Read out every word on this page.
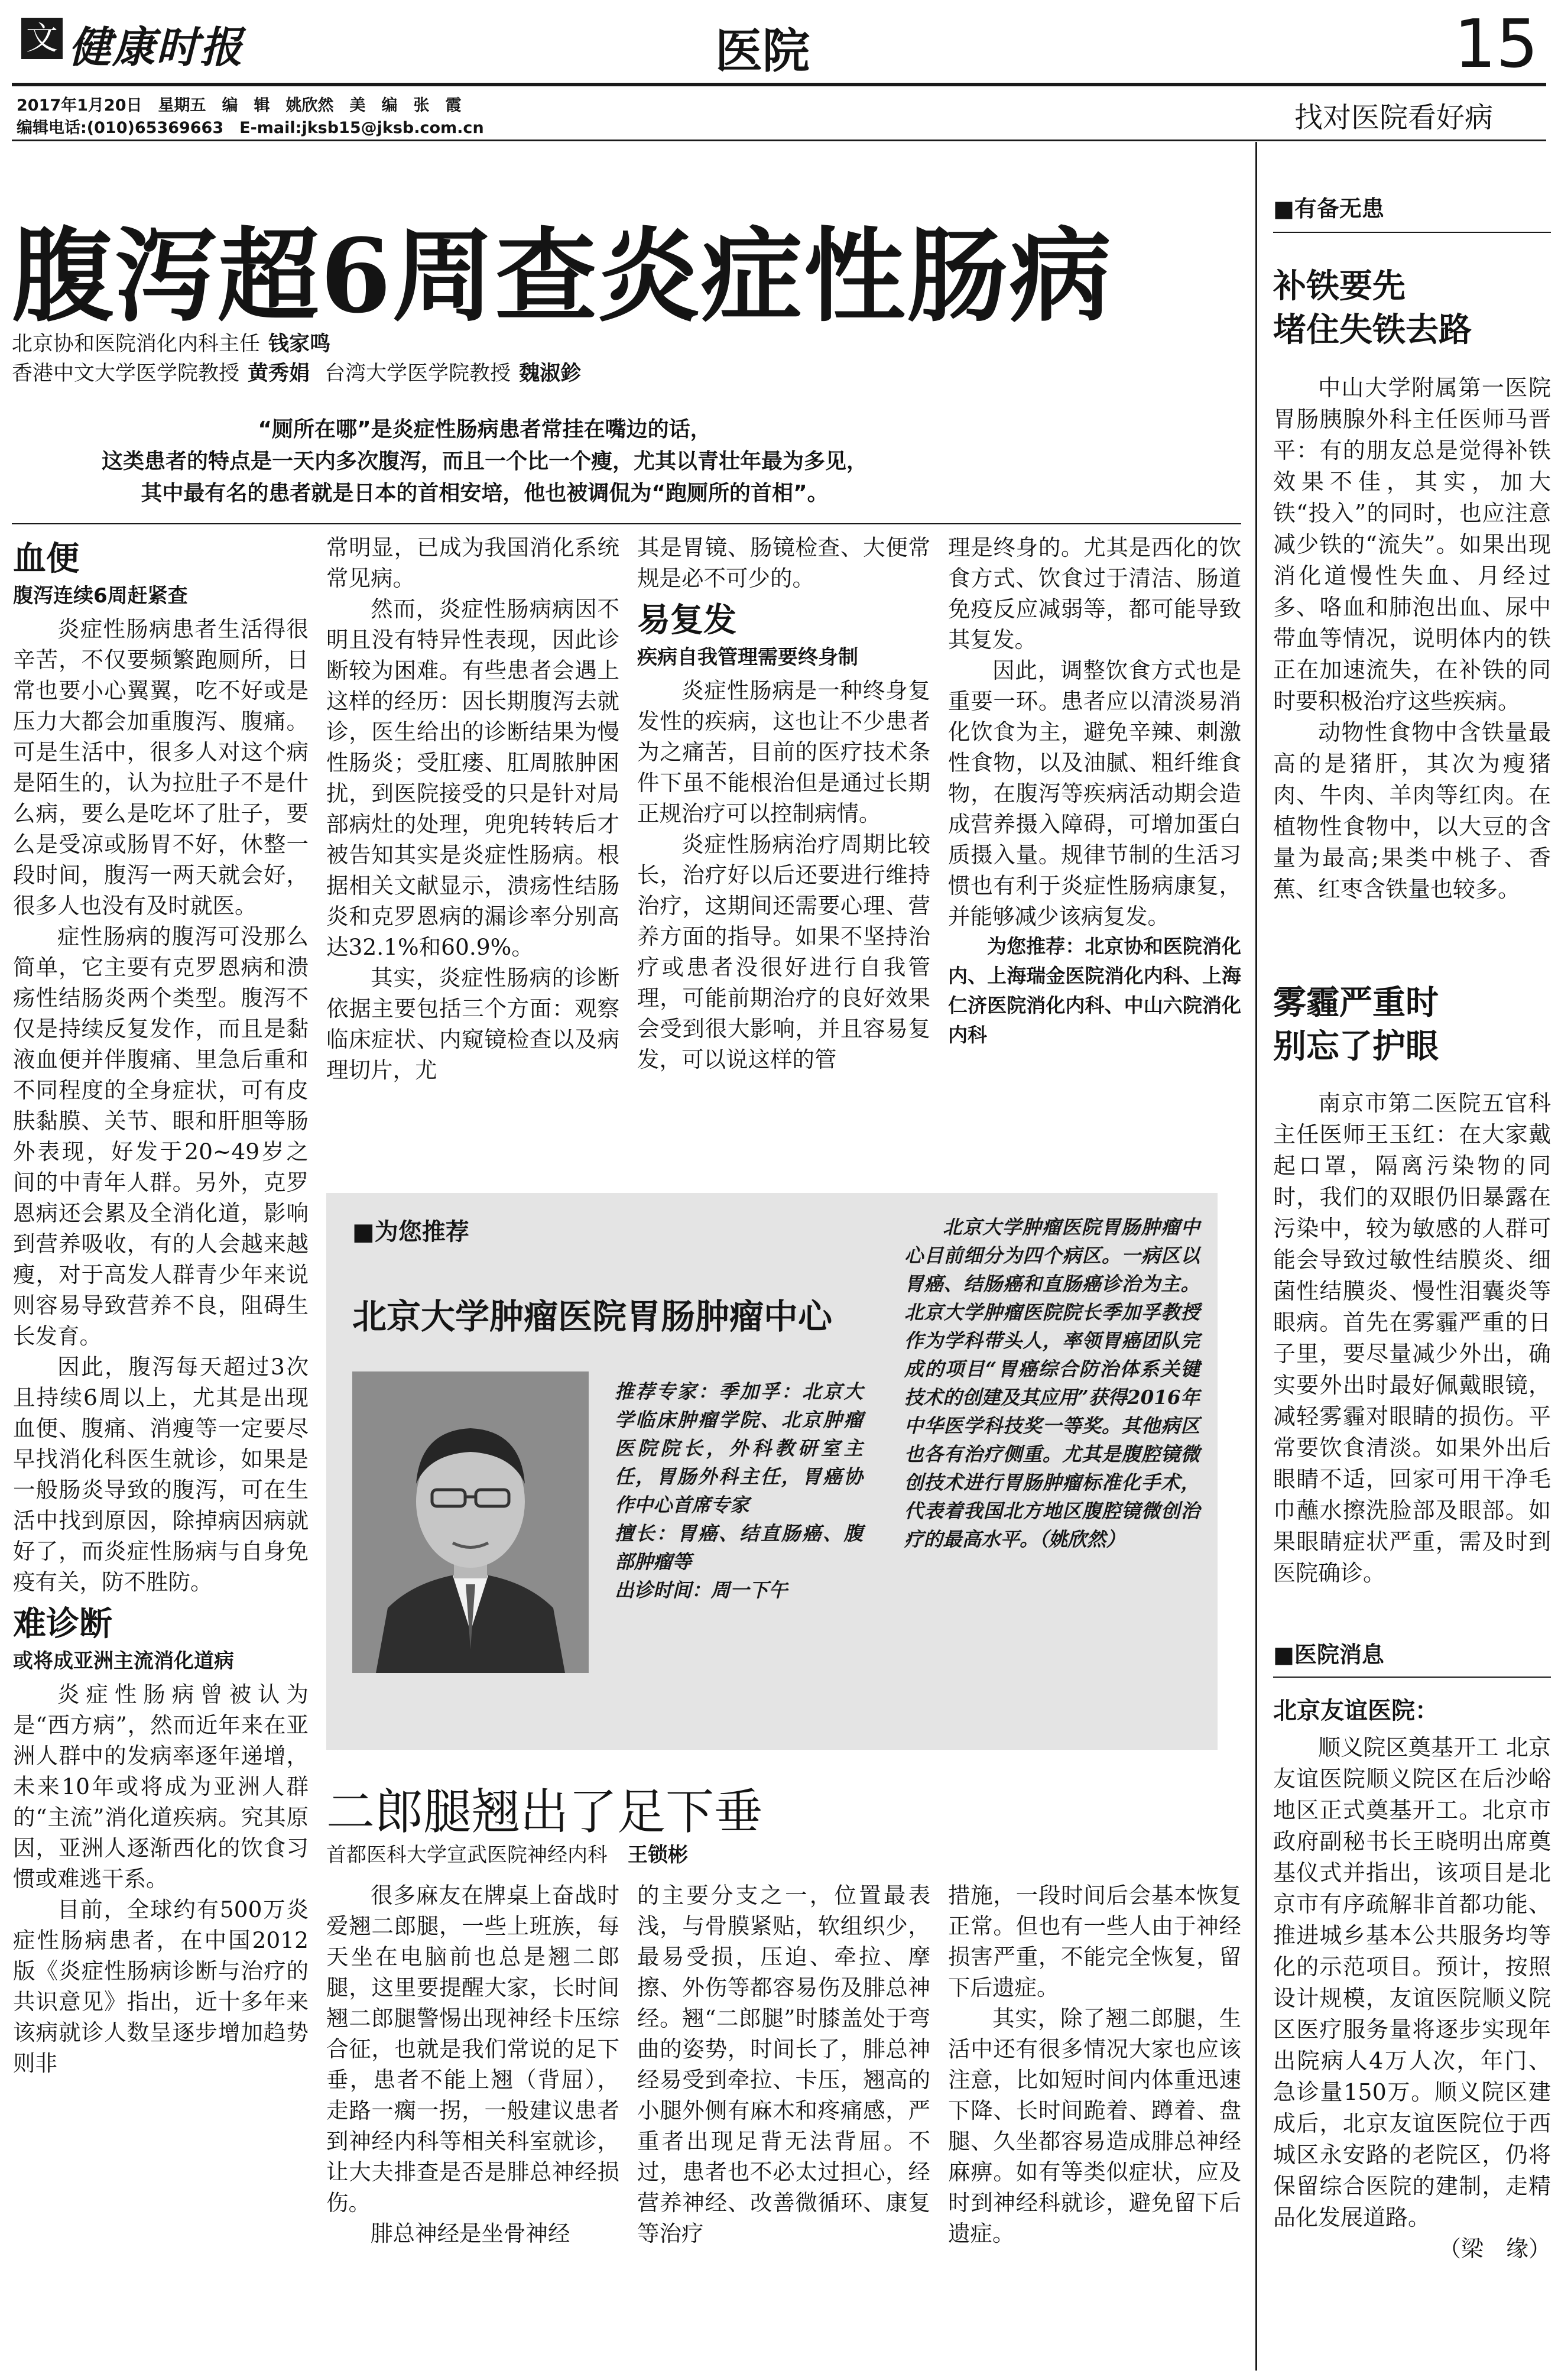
文 健康时报	医院	15
2017年1月20日　星期五　编　辑　姚欣然　美　编　张　霞
编辑电话:(010)65369663　E-mail:jksb15@jksb.com.cn	找对医院看好病
腹泻超6周查炎症性肠病
北京协和医院消化内科主任 钱家鸣
香港中文大学医学院教授 黄秀娟 台湾大学医学院教授 魏淑鉁
“厕所在哪”是炎症性肠病患者常挂在嘴边的话，
这类患者的特点是一天内多次腹泻，而且一个比一个瘦，尤其以青壮年最为多见，
其中最有名的患者就是日本的首相安培，他也被调侃为“跑厕所的首相”。
血便
腹泻连续6周赶紧查

炎症性肠病患者生活得很辛苦，不仅要频繁跑厕所，日常也要小心翼翼，吃不好或是压力大都会加重腹泻、腹痛。可是生活中，很多人对这个病是陌生的，认为拉肚子不是什么病，要么是吃坏了肚子，要么是受凉或肠胃不好，休整一段时间，腹泻一两天就会好，很多人也没有及时就医。

症性肠病的腹泻可没那么简单，它主要有克罗恩病和溃疡性结肠炎两个类型。腹泻不仅是持续反复发作，而且是黏液血便并伴腹痛、里急后重和不同程度的全身症状，可有皮肤黏膜、关节、眼和肝胆等肠外表现，好发于20~49岁之间的中青年人群。另外，克罗恩病还会累及全消化道，影响到营养吸收，有的人会越来越瘦，对于高发人群青少年来说则容易导致营养不良，阻碍生长发育。

因此，腹泻每天超过3次且持续6周以上，尤其是出现血便、腹痛、消瘦等一定要尽早找消化科医生就诊，如果是一般肠炎导致的腹泻，可在生活中找到原因，除掉病因病就好了，而炎症性肠病与自身免疫有关，防不胜防。

难诊断
或将成亚洲主流消化道病

炎症性肠病曾被认为是“西方病”，然而近年来在亚洲人群中的发病率逐年递增，未来10年或将成为亚洲人群的“主流”消化道疾病。究其原因，亚洲人逐渐西化的饮食习惯或难逃干系。

目前，全球约有500万炎症性肠病患者，在中国2012版《炎症性肠病诊断与治疗的共识意见》指出，近十多年来该病就诊人数呈逐步增加趋势则非

常明显，已成为我国消化系统常见病。

然而，炎症性肠病病因不明且没有特异性表现，因此诊断较为困难。有些患者会遇上这样的经历：因长期腹泻去就诊，医生给出的诊断结果为慢性肠炎；受肛瘘、肛周脓肿困扰，到医院接受的只是针对局部病灶的处理，兜兜转转后才被告知其实是炎症性肠病。根据相关文献显示，溃疡性结肠炎和克罗恩病的漏诊率分别高达32.1%和60.9%。

其实，炎症性肠病的诊断依据主要包括三个方面：观察临床症状、内窥镜检查以及病理切片，尤

其是胃镜、肠镜检查、大便常规是必不可少的。

易复发
疾病自我管理需要终身制

炎症性肠病是一种终身复发性的疾病，这也让不少患者为之痛苦，目前的医疗技术条件下虽不能根治但是通过长期正规治疗可以控制病情。

炎症性肠病治疗周期比较长，治疗好以后还要进行维持治疗，这期间还需要心理、营养方面的指导。如果不坚持治疗或患者没很好进行自我管理，可能前期治疗的良好效果会受到很大影响，并且容易复发，可以说这样的管

理是终身的。尤其是西化的饮食方式、饮食过于清洁、肠道免疫反应减弱等，都可能导致其复发。

因此，调整饮食方式也是重要一环。患者应以清淡易消化饮食为主，避免辛辣、刺激性食物，以及油腻、粗纤维食物，在腹泻等疾病活动期会造成营养摄入障碍，可增加蛋白质摄入量。规律节制的生活习惯也有利于炎症性肠病康复，并能够减少该病复发。

为您推荐：北京协和医院消化内、上海瑞金医院消化内科、上海仁济医院消化内科、中山六院消化内科

■为您推荐
北京大学肿瘤医院胃肠肿瘤中心
推荐专家：季加孚：北京大学临床肿瘤学院、北京肿瘤医院院长，外科教研室主任，胃肠外科主任，胃癌协作中心首席专家
擅长：胃癌、结直肠癌、腹部肿瘤等
出诊时间：周一下午
北京大学肿瘤医院胃肠肿瘤中心目前细分为四个病区。一病区以胃癌、结肠癌和直肠癌诊治为主。北京大学肿瘤医院院长季加孚教授作为学科带头人，率领胃癌团队完成的项目“胃癌综合防治体系关键技术的创建及其应用”获得2016年中华医学科技奖一等奖。其他病区也各有治疗侧重。尤其是腹腔镜微创技术进行胃肠肿瘤标准化手术，代表着我国北方地区腹腔镜微创治疗的最高水平。（姚欣然）
二郎腿翘出了足下垂
首都医科大学宣武医院神经内科　 王锁彬

很多麻友在牌桌上奋战时爱翘二郎腿，一些上班族，每天坐在电脑前也总是翘二郎腿，这里要提醒大家，长时间翘二郎腿警惕出现神经卡压综合征，也就是我们常说的足下垂，患者不能上翘（背屈），走路一瘸一拐，一般建议患者到神经内科等相关科室就诊，让大夫排查是否是腓总神经损伤。

腓总神经是坐骨神经

的主要分支之一，位置最表浅，与骨膜紧贴，软组织少，最易受损，压迫、牵拉、摩擦、外伤等都容易伤及腓总神经。翘“二郎腿”时膝盖处于弯曲的姿势，时间长了，腓总神经易受到牵拉、卡压，翘高的小腿外侧有麻木和疼痛感，严重者出现足背无法背屈。不过，患者也不必太过担心，经营养神经、改善微循环、康复等治疗

措施，一段时间后会基本恢复正常。但也有一些人由于神经损害严重，不能完全恢复，留下后遗症。

其实，除了翘二郎腿，生活中还有很多情况大家也应该注意，比如短时间内体重迅速下降、长时间跪着、蹲着、盘腿、久坐都容易造成腓总神经麻痹。如有等类似症状，应及时到神经科就诊，避免留下后遗症。

■有备无患
补铁要先
堵住失铁去路

中山大学附属第一医院胃肠胰腺外科主任医师马晋平：有的朋友总是觉得补铁效果不佳，其实，加大铁“投入”的同时，也应注意减少铁的“流失”。如果出现消化道慢性失血、月经过多、咯血和肺泡出血、尿中带血等情况，说明体内的铁正在加速流失，在补铁的同时要积极治疗这些疾病。

动物性食物中含铁量最高的是猪肝，其次为瘦猪肉、牛肉、羊肉等红肉。在植物性食物中，以大豆的含量为最高;果类中桃子、香蕉、红枣含铁量也较多。

雾霾严重时
别忘了护眼

南京市第二医院五官科主任医师王玉红：在大家戴起口罩，隔离污染物的同时，我们的双眼仍旧暴露在污染中，较为敏感的人群可能会导致过敏性结膜炎、细菌性结膜炎、慢性泪囊炎等眼病。首先在雾霾严重的日子里，要尽量减少外出，确实要外出时最好佩戴眼镜，减轻雾霾对眼睛的损伤。平常要饮食清淡。如果外出后眼睛不适，回家可用干净毛巾蘸水擦洗脸部及眼部。如果眼睛症状严重，需及时到医院确诊。

■医院消息
北京友谊医院：

顺义院区奠基开工 北京友谊医院顺义院区在后沙峪地区正式奠基开工。北京市政府副秘书长王晓明出席奠基仪式并指出，该项目是北京市有序疏解非首都功能、推进城乡基本公共服务均等化的示范项目。预计，按照设计规模，友谊医院顺义院区医疗服务量将逐步实现年出院病人4万人次，年门、急诊量150万。顺义院区建成后，北京友谊医院位于西城区永安路的老院区，仍将保留综合医院的建制，走精品化发展道路。

（梁　缘）
